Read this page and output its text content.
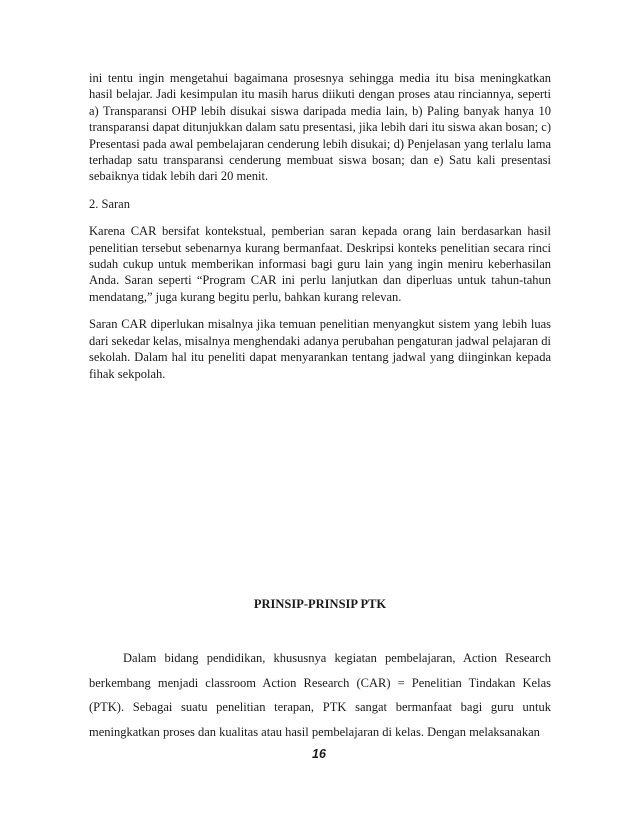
ini tentu ingin mengetahui bagaimana prosesnya sehingga media itu bisa meningkatkan hasil belajar. Jadi kesimpulan itu masih harus diikuti dengan proses atau rinciannya, seperti a) Transparansi OHP lebih disukai siswa daripada media lain, b) Paling banyak hanya 10 transparansi dapat ditunjukkan dalam satu presentasi, jika lebih dari itu siswa akan bosan; c) Presentasi pada awal pembelajaran cenderung lebih disukai; d) Penjelasan yang terlalu lama terhadap satu transparansi cenderung membuat siswa bosan; dan e) Satu kali presentasi sebaiknya tidak lebih dari 20 menit.

2. Saran

Karena CAR bersifat kontekstual, pemberian saran kepada orang lain berdasarkan hasil penelitian tersebut sebenarnya kurang bermanfaat. Deskripsi konteks penelitian secara rinci sudah cukup untuk memberikan informasi bagi guru lain yang ingin meniru keberhasilan Anda. Saran seperti “Program CAR ini perlu lanjutkan dan diperluas untuk tahun-tahun mendatang,” juga kurang begitu perlu, bahkan kurang relevan.

Saran CAR diperlukan misalnya jika temuan penelitian menyangkut sistem yang lebih luas dari sekedar kelas, misalnya menghendaki adanya perubahan pengaturan jadwal pelajaran di sekolah. Dalam hal itu peneliti dapat menyarankan tentang jadwal yang diinginkan kepada fihak sekpolah.

PRINSIP-PRINSIP PTK

Dalam bidang pendidikan, khususnya kegiatan pembelajaran, Action Research berkembang menjadi classroom Action Research (CAR) = Penelitian Tindakan Kelas (PTK). Sebagai suatu penelitian terapan, PTK sangat bermanfaat bagi guru untuk meningkatkan proses dan kualitas atau hasil pembelajaran di kelas. Dengan melaksanakan

16
